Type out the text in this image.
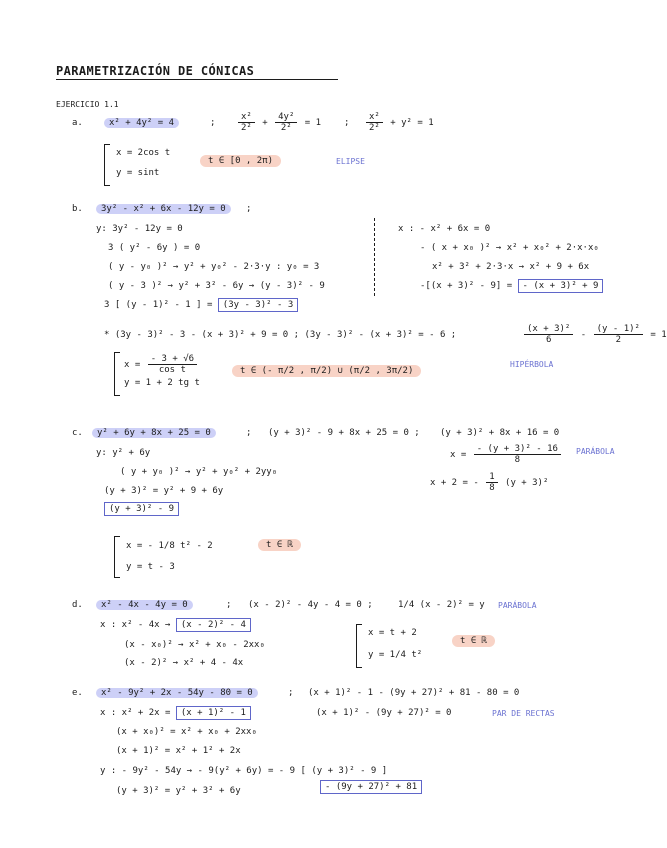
PARAMETRIZACIÓN DE CÓNICAS
EJERCICIO 1.1
a.	x² + 4y² = 4	;	$\frac{\text{x²}}{\text{2²}} + \frac{\text{4y²}}{\text{2²}} = 1$	; $\frac{\text{x²}}{\text{2²}} + y^2 = 1$
x = 2cos t
y = sint
t ∈ [0 , 2π)	ELIPSE
b.	3y² - x² + 6x - 12y = 0	;
y: 3y² - 12y = 0
3 ( y² - 6y ) = 0
( y - y₀ )² → y² + y₀² - 2·3·y : y₀ = 3
( y - 3 )² → y² + 3² - 6y → (y - 3)² - 9
3 [ (y - 1)² - 1 ] = (3y - 3)² - 3
x : - x² + 6x = 0
- ( x + x₀ )² → x² + x₀² + 2·x·x₀
x² + 3² + 2·3·x → x² + 9 + 6x
-[(x + 3)² - 9] = - (x + 3)² + 9
* (3y - 3)² - 3 - (x + 3)² + 9 = 0 ; (3y - 3)² - (x + 3)² = - 6 ;	$\frac{\text{(x + 3)²}}{6} - \frac{\text{(y - 1)²}}{2} = 1$
$x = \frac{- 3 + √6}{\text{cos t}}$
y = 1 + 2 tg t
t ∈ (- π/2 , π/2) ∪ (π/2 , 3π/2)
HIPÉRBOLA
c.	y² + 6y + 8x + 25 = 0	; (y + 3)² - 9 + 8x + 25 = 0 ; (y + 3)² + 8x + 16 = 0
y: y² + 6y
( y + y₀ )² → y² + y₀² + 2yy₀
(y + 3)² = y² + 9 + 6y
(y + 3)² - 9
$x = \frac{\text{- (y + 3)² - 16}}{8}$ PARÁBOLA
x + 2 = - $\frac{1}{8} (y + 3)^2$
x = - 1/8 t² - 2
y = t - 3
t ∈ ℝ
d.	x² - 4x - 4y = 0	; (x - 2)² - 4y - 4 = 0 ;	1/4 (x - 2)² = y PARÁBOLA
x : x² - 4x → (x - 2)² - 4
(x - x₀)² → x² + x₀ - 2xx₀
(x - 2)² → x² + 4 - 4x
x = t + 2
y = 1/4 t²
t ∈ ℝ
e.	x² - 9y² + 2x - 54y - 80 = 0	; (x + 1)² - 1 - (9y + 27)² + 81 - 80 = 0
x : x² + 2x = (x + 1)² - 1	(x + 1)² - (9y + 27)² = 0	PAR DE RECTAS
(x + x₀)² = x² + x₀ + 2xx₀
(x + 1)² = x² + 1² + 2x
y : - 9y² - 54y → - 9(y² + 6y) = - 9 [ (y + 3)² - 9 ]
(y + 3)² = y² + 3² + 6y	- (9y + 27)² + 81
